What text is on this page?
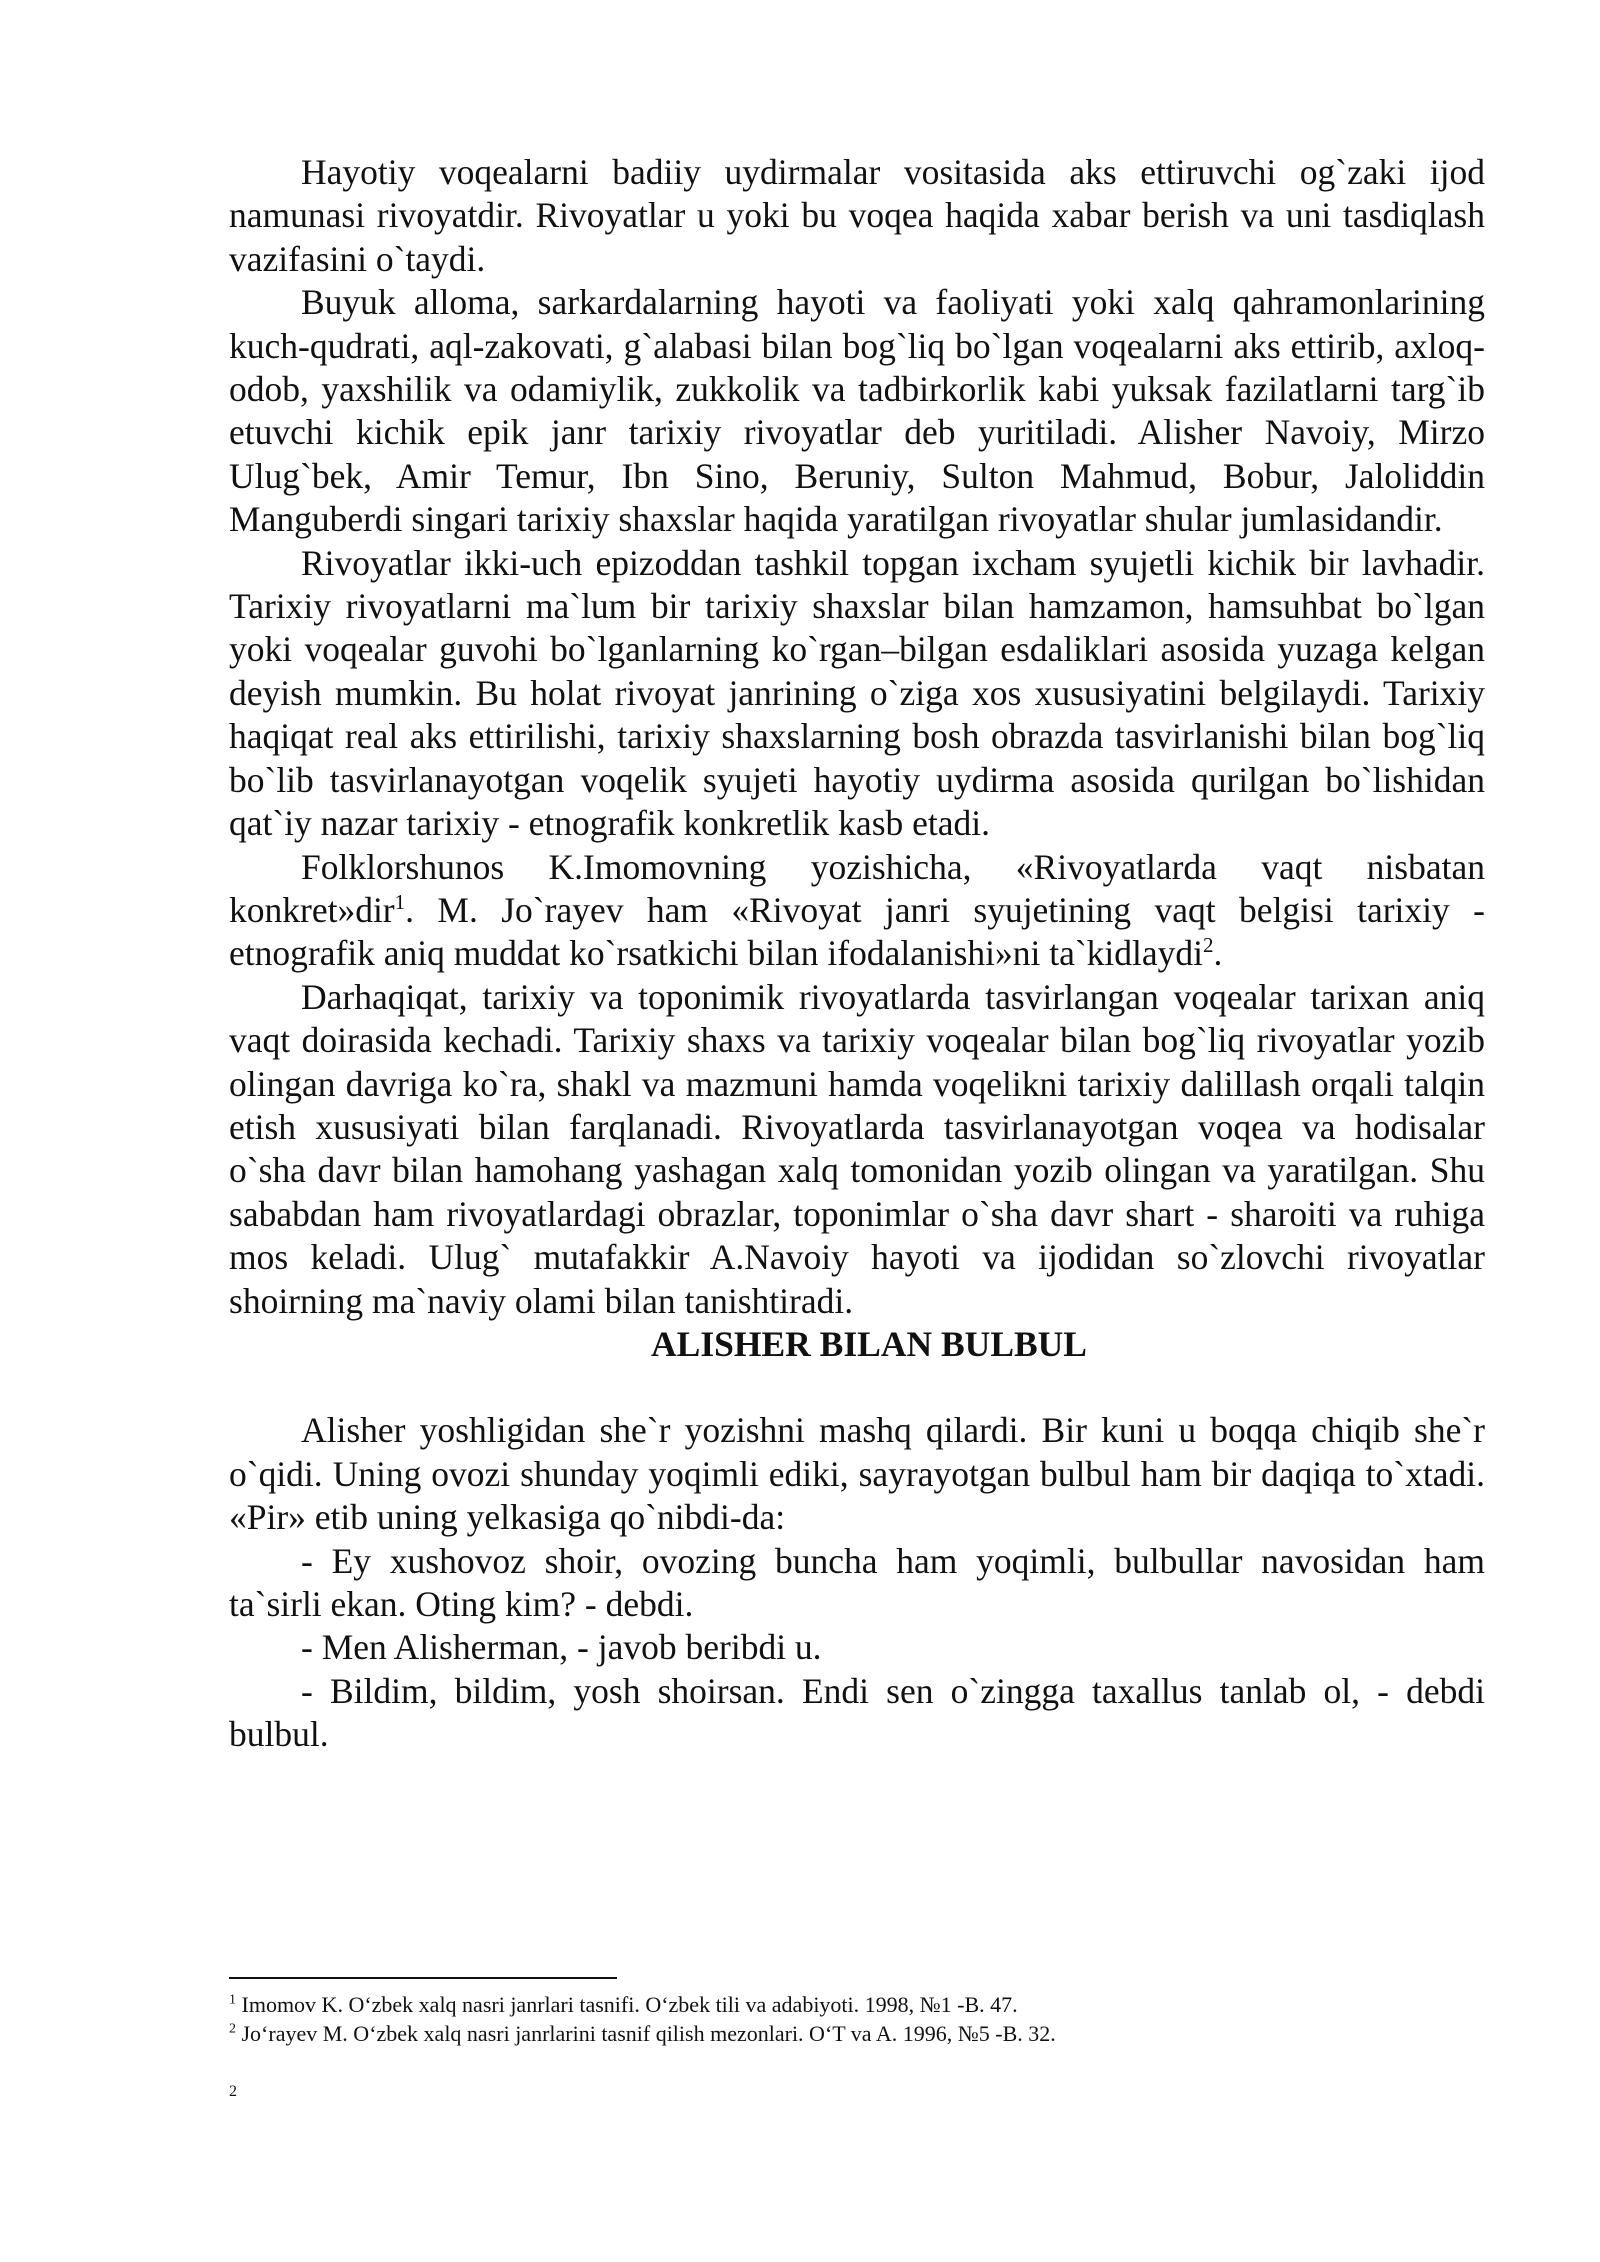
Hayotiy voqealarni badiiy uydirmalar vositasida aks ettiruvchi og`zaki ijod namunasi rivoyatdir. Rivoyatlar u yoki bu voqea haqida xabar berish va uni tasdiqlash vazifasini o`taydi.

Buyuk alloma, sarkardalarning hayoti va faoliyati yoki xalq qahramonlarining kuch-qudrati, aql-zakovati, g`alabasi bilan bog`liq bo`lgan voqealarni aks ettirib, axloq-odob, yaxshilik va odamiylik, zukkolik va tadbirkorlik kabi yuksak fazilatlarni targ`ib etuvchi kichik epik janr tarixiy rivoyatlar deb yuritiladi. Alisher Navoiy, Mirzo Ulug`bek, Amir Temur, Ibn Sino, Beruniy, Sulton Mahmud, Bobur, Jaloliddin Manguberdi singari tarixiy shaxslar haqida yaratilgan rivoyatlar shular jumlasidandir.

Rivoyatlar ikki-uch epizoddan tashkil topgan ixcham syujetli kichik bir lavhadir. Tarixiy rivoyatlarni ma`lum bir tarixiy shaxslar bilan hamzamon, hamsuhbat bo`lgan yoki voqealar guvohi bo`lganlarning ko`rgan–bilgan esdaliklari asosida yuzaga kelgan deyish mumkin. Bu holat rivoyat janrining o`ziga xos xususiyatini belgilaydi. Tarixiy haqiqat real aks ettirilishi, tarixiy shaxslarning bosh obrazda tasvirlanishi bilan bog`liq bo`lib tasvirlanayotgan voqelik syujeti hayotiy uydirma asosida qurilgan bo`lishidan qat`iy nazar tarixiy - etnografik konkretlik kasb etadi.

Folklorshunos K.Imomovning yozishicha, «Rivoyatlarda vaqt nisbatan konkret»dir$^1$. M. Jo`rayev ham «Rivoyat janri syujetining vaqt belgisi tarixiy - etnografik aniq muddat ko`rsatkichi bilan ifodalanishi»ni ta`kidlaydi$^2$.

Darhaqiqat, tarixiy va toponimik rivoyatlarda tasvirlangan voqealar tarixan aniq vaqt doirasida kechadi. Tarixiy shaxs va tarixiy voqealar bilan bog`liq rivoyatlar yozib olingan davriga ko`ra, shakl va mazmuni hamda voqelikni tarixiy dalillash orqali talqin etish xususiyati bilan farqlanadi. Rivoyatlarda tasvirlanayotgan voqea va hodisalar o`sha davr bilan hamohang yashagan xalq tomonidan yozib olingan va yaratilgan. Shu sababdan ham rivoyatlardagi obrazlar, toponimlar o`sha davr shart - sharoiti va ruhiga mos keladi. Ulug` mutafakkir A.Navoiy hayoti va ijodidan so`zlovchi rivoyatlar shoirning ma`naviy olami bilan tanishtiradi.

ALISHER BILAN BULBUL

Alisher yoshligidan she`r yozishni mashq qilardi. Bir kuni u boqqa chiqib she`r o`qidi. Uning ovozi shunday yoqimli ediki, sayrayotgan bulbul ham bir daqiqa to`xtadi. «Pir» etib uning yelkasiga qo`nibdi-da:

- Ey xushovoz shoir, ovozing buncha ham yoqimli, bulbullar navosidan ham ta`sirli ekan. Oting kim? - debdi.

- Men Alisherman, - javob beribdi u.

- Bildim, bildim, yosh shoirsan. Endi sen o`zingga taxallus tanlab ol, - debdi bulbul.

$^1$ Imomov K. O‘zbek xalq nasri janrlari tasnifi. O‘zbek tili va adabiyoti. 1998, №1 -B. 47.
$^2$ Jo‘rayev M. O‘zbek xalq nasri janrlarini tasnif qilish mezonlari. O‘T va A. 1996, №5 -B. 32.
2
